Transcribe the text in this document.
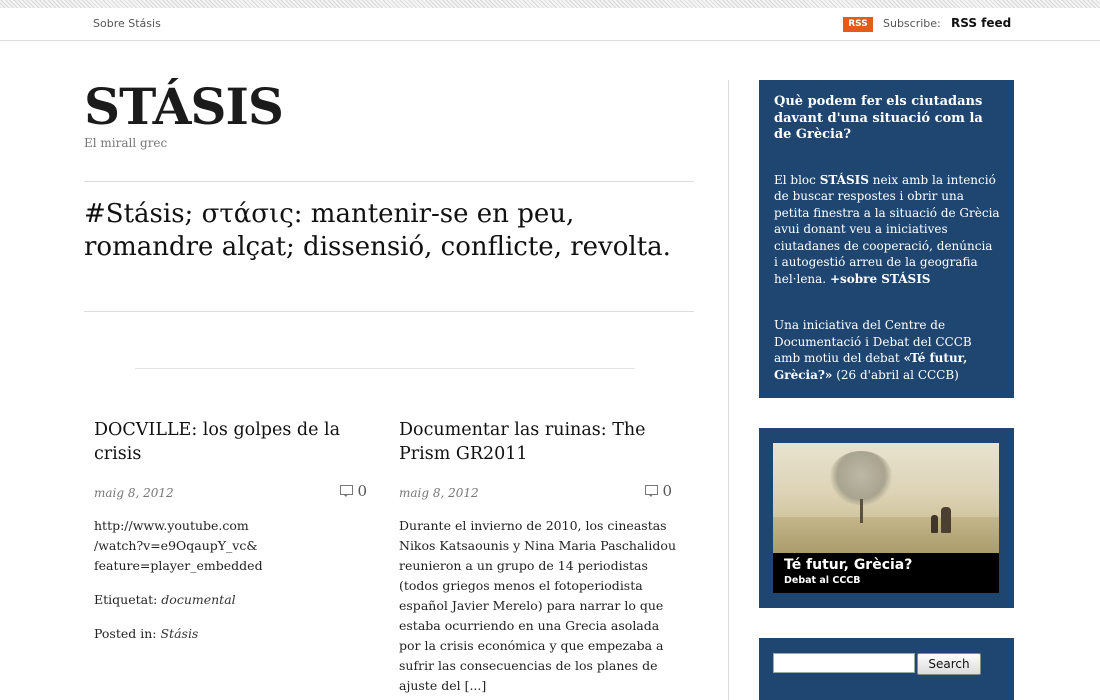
Sobre Stásis	RSS	Subscribe: RSS feed
STÁSIS
El mirall grec
#Stásis; στάσις: mantenir-se en peu, romandre alçat; dissensió, conflicte, revolta.
DOCVILLE: los golpes de la crisis
maig 8, 2012	0

http://www.youtube.com
/watch?v=e9OqaupY_vc&
feature=player_embedded

Etiquetat: documental

Posted in: Stásis

Documentar las ruinas: The Prism GR2011
maig 8, 2012	0

Durante el invierno de 2010, los cineastas Nikos Katsaounis y Nina Maria Paschalidou reunieron a un grupo de 14 periodistas (todos griegos menos el fotoperiodista español Javier Merelo) para narrar lo que estaba ocurriendo en una Grecia asolada por la crisis económica y que empezaba a sufrir las consecuencias de los planes de ajuste del [...]

Què podem fer els ciutadans davant d'una situació com la de Grècia?

El bloc STÁSIS neix amb la intenció de buscar respostes i obrir una petita finestra a la situació de Grècia avui donant veu a iniciatives ciutadanes de cooperació, denúncia i autogestió arreu de la geografia hel·lena. +sobre STÁSIS

Una iniciativa del Centre de Documentació i Debat del CCCB amb motiu del debat «Té futur, Grècia?» (26 d'abril al CCCB)

Té futur, Grècia?
Debat al CCCB
Search
